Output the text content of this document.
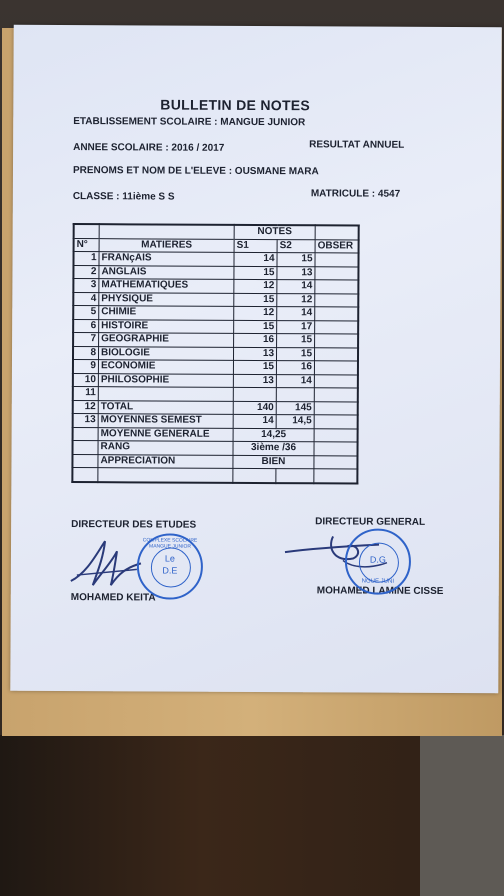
BULLETIN DE NOTES
ETABLISSEMENT SCOLAIRE : MANGUE JUNIOR
ANNEE SCOLAIRE : 2016 / 2017	RESULTAT ANNUEL
PRENOMS ET NOM DE L'ELEVE : OUSMANE MARA
CLASSE : 11ième S S	MATRICULE : 4547
		NOTES		
N°	MATIERES	S1	S2	OBSER
1	FRANçAIS	14	15	
2	ANGLAIS	15	13	
3	MATHEMATIQUES	12	14	
4	PHYSIQUE	15	12	
5	CHIMIE	12	14	
6	HISTOIRE	15	17	
7	GEOGRAPHIE	16	15	
8	BIOLOGIE	13	15	
9	ECONOMIE	15	16	
10	PHILOSOPHIE	13	14	
11				
12	TOTAL	140	145	
13	MOYENNES SEMEST	14	14,5	
	MOYENNE GENERALE	14,25		
	RANG	3ième /36		
	APPRECIATION	BIEN		

DIRECTEUR DES ETUDES
MOHAMED KEITA
DIRECTEUR GENERAL
MOHAMED LAMINE CISSE
Le
D.E
COMPLEXE SCOLAIRE MANGUE JUNIOR
D.G
NGUE JUNI
